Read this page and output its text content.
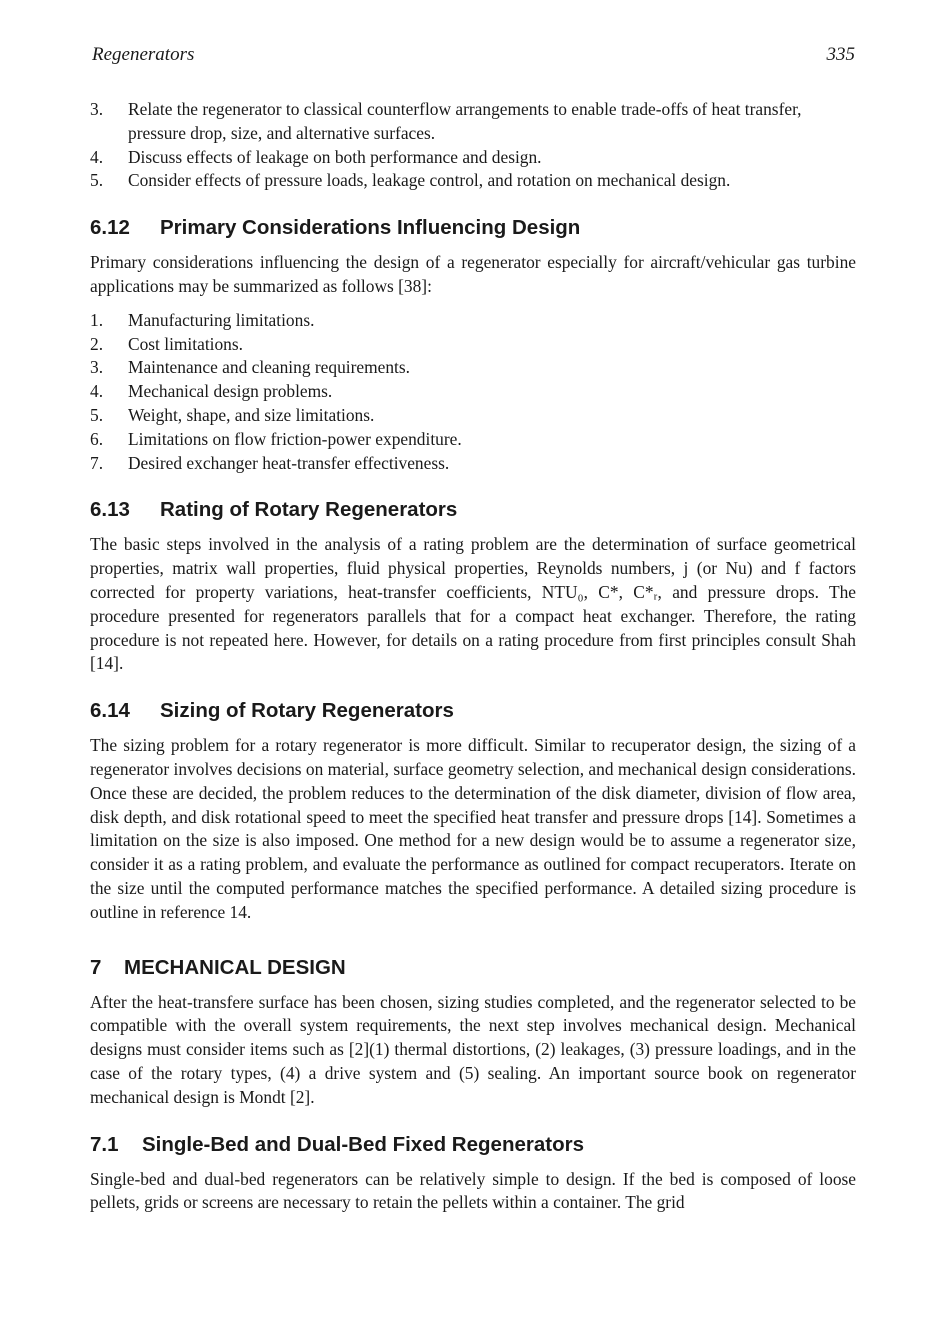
Regenerators	335
3.	Relate the regenerator to classical counterflow arrangements to enable trade-offs of heat transfer, pressure drop, size, and alternative surfaces.
4.	Discuss effects of leakage on both performance and design.
5.	Consider effects of pressure loads, leakage control, and rotation on mechanical design.
6.12	Primary Considerations Influencing Design

Primary considerations influencing the design of a regenerator especially for aircraft/vehicular gas turbine applications may be summarized as follows [38]:

1.	Manufacturing limitations.
2.	Cost limitations.
3.	Maintenance and cleaning requirements.
4.	Mechanical design problems.
5.	Weight, shape, and size limitations.
6.	Limitations on flow friction-power expenditure.
7.	Desired exchanger heat-transfer effectiveness.
6.13	Rating of Rotary Regenerators

The basic steps involved in the analysis of a rating problem are the determination of surface geometrical properties, matrix wall properties, fluid physical properties, Reynolds numbers, j (or Nu) and f factors corrected for property variations, heat-transfer coefficients, NTU₀, C*, C*ᵣ, and pressure drops. The procedure presented for regenerators parallels that for a compact heat exchanger. Therefore, the rating procedure is not repeated here. However, for details on a rating procedure from first principles consult Shah [14].

6.14	Sizing of Rotary Regenerators

The sizing problem for a rotary regenerator is more difficult. Similar to recuperator design, the sizing of a regenerator involves decisions on material, surface geometry selection, and mechanical design considerations. Once these are decided, the problem reduces to the determination of the disk diameter, division of flow area, disk depth, and disk rotational speed to meet the specified heat transfer and pressure drops [14]. Sometimes a limitation on the size is also imposed. One method for a new design would be to assume a regenerator size, consider it as a rating problem, and evaluate the performance as outlined for compact recuperators. Iterate on the size until the computed performance matches the specified performance. A detailed sizing procedure is outline in reference 14.

7	MECHANICAL DESIGN

After the heat-transfere surface has been chosen, sizing studies completed, and the regenerator selected to be compatible with the overall system requirements, the next step involves mechanical design. Mechanical designs must consider items such as [2](1) thermal distortions, (2) leakages, (3) pressure loadings, and in the case of the rotary types, (4) a drive system and (5) sealing. An important source book on regenerator mechanical design is Mondt [2].

7.1	Single-Bed and Dual-Bed Fixed Regenerators

Single-bed and dual-bed regenerators can be relatively simple to design. If the bed is composed of loose pellets, grids or screens are necessary to retain the pellets within a container. The grid
